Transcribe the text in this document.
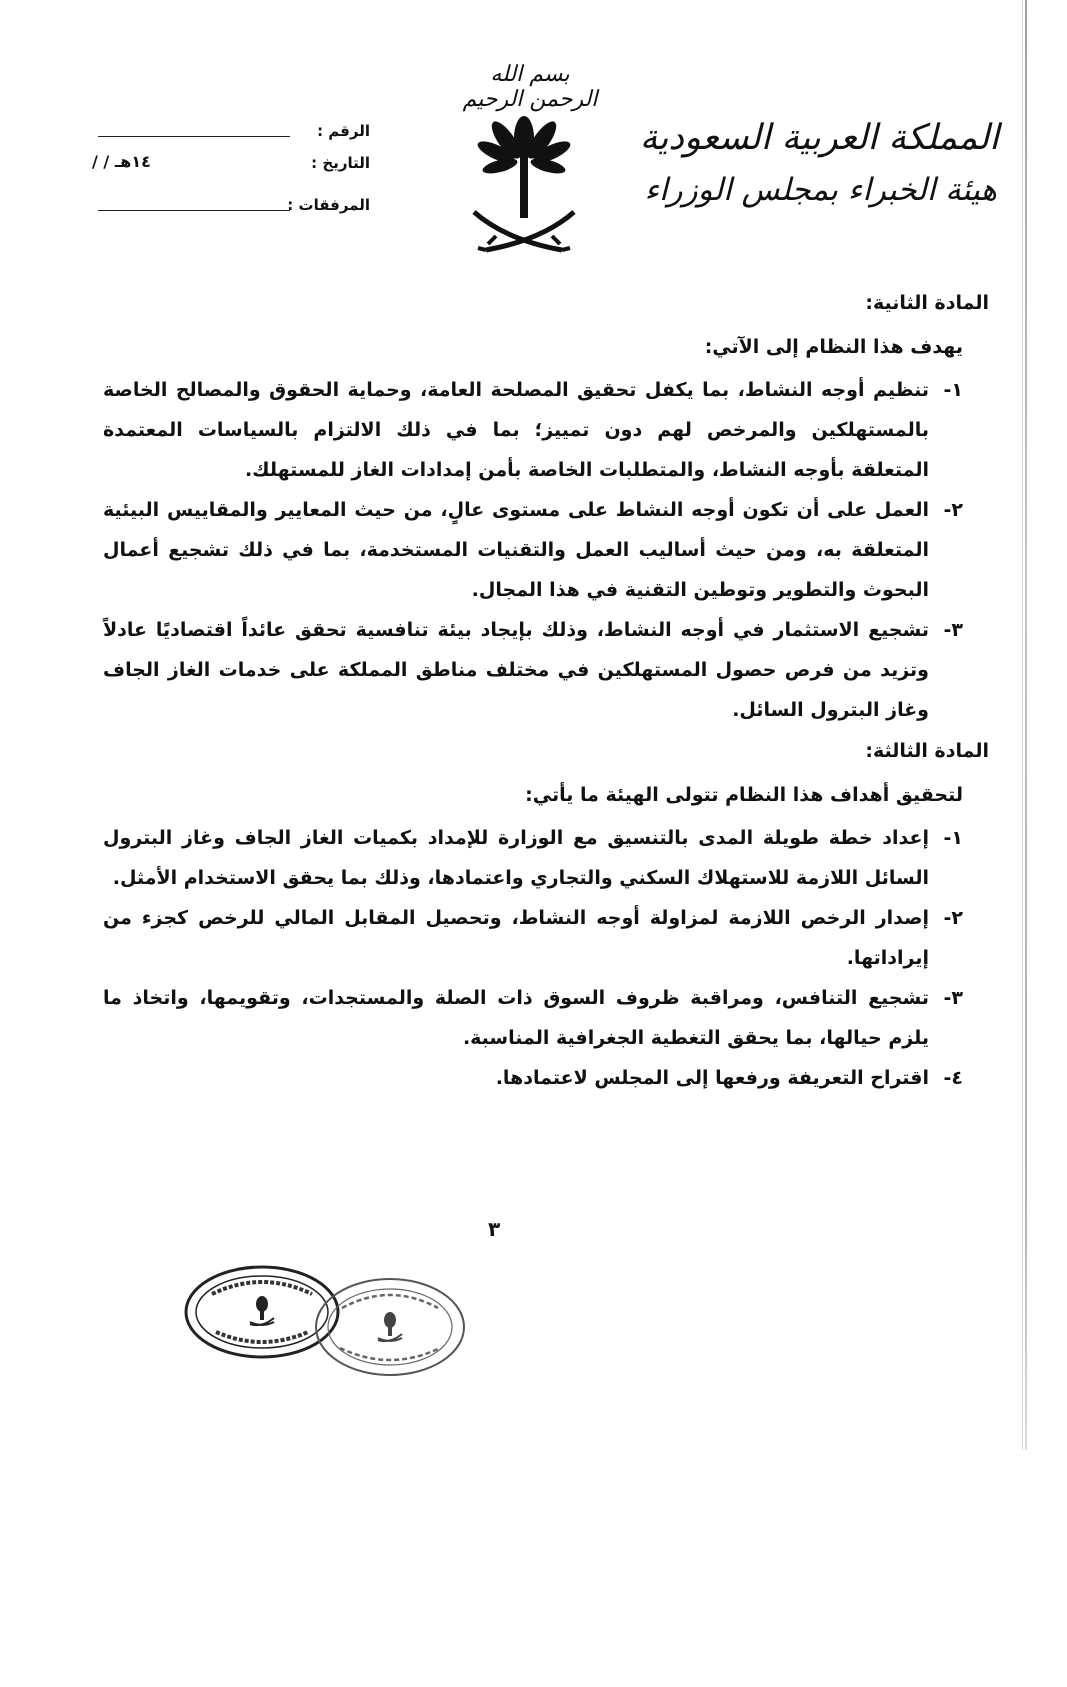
بسم الله الرحمن الرحيم
المملكة العربية السعودية
هيئة الخبراء بمجلس الوزراء
الرقم :
التاريخ :
١٤هـ / /
المرفقات :
المادة الثانية:
يهدف هذا النظام إلى الآتي:
١-
تنظيم أوجه النشاط، بما يكفل تحقيق المصلحة العامة، وحماية الحقوق والمصالح الخاصة بالمستهلكين والمرخص لهم دون تمييز؛ بما في ذلك الالتزام بالسياسات المعتمدة المتعلقة بأوجه النشاط، والمتطلبات الخاصة بأمن إمدادات الغاز للمستهلك.
٢-
العمل على أن تكون أوجه النشاط على مستوى عالٍ، من حيث المعايير والمقاييس البيئية المتعلقة به، ومن حيث أساليب العمل والتقنيات المستخدمة، بما في ذلك تشجيع أعمال البحوث والتطوير وتوطين التقنية في هذا المجال.
٣-
تشجيع الاستثمار في أوجه النشاط، وذلك بإيجاد بيئة تنافسية تحقق عائداً اقتصاديًا عادلاً وتزيد من فرص حصول المستهلكين في مختلف مناطق المملكة على خدمات الغاز الجاف وغاز البترول السائل.
المادة الثالثة:
لتحقيق أهداف هذا النظام تتولى الهيئة ما يأتي:
١-
إعداد خطة طويلة المدى بالتنسيق مع الوزارة للإمداد بكميات الغاز الجاف وغاز البترول السائل اللازمة للاستهلاك السكني والتجاري واعتمادها، وذلك بما يحقق الاستخدام الأمثل.
٢-
إصدار الرخص اللازمة لمزاولة أوجه النشاط، وتحصيل المقابل المالي للرخص كجزء من إيراداتها.
٣-
تشجيع التنافس، ومراقبة ظروف السوق ذات الصلة والمستجدات، وتقويمها، واتخاذ ما يلزم حيالها، بما يحقق التغطية الجغرافية المناسبة.
٤-
اقتراح التعريفة ورفعها إلى المجلس لاعتمادها.
٣
